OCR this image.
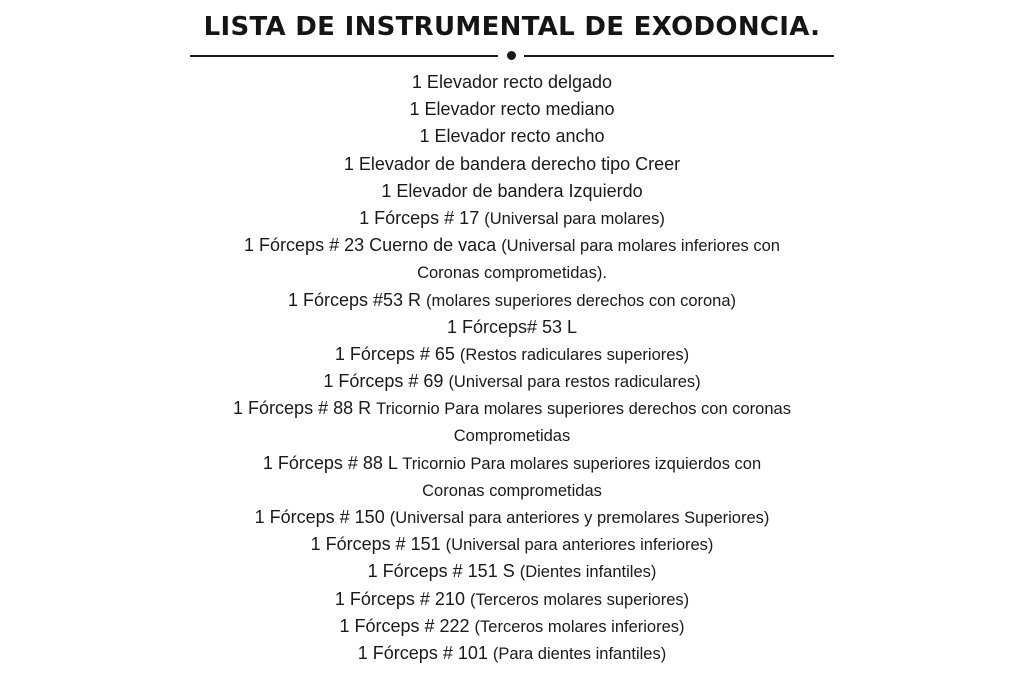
LISTA DE INSTRUMENTAL DE EXODONCIA.
1 Elevador recto delgado
1 Elevador recto mediano
1 Elevador recto ancho
1 Elevador de bandera derecho tipo Creer
1 Elevador de bandera Izquierdo
1 Fórceps # 17 (Universal para molares)
1 Fórceps # 23 Cuerno de vaca (Universal para molares inferiores con
Coronas comprometidas).
1 Fórceps #53 R (molares superiores derechos con corona)
1 Fórceps# 53 L
1 Fórceps # 65 (Restos radiculares superiores)
1 Fórceps # 69 (Universal para restos radiculares)
1 Fórceps # 88 R Tricornio Para molares superiores derechos con coronas
Comprometidas
1 Fórceps # 88 L Tricornio Para molares superiores izquierdos con
Coronas comprometidas
1 Fórceps # 150 (Universal para anteriores y premolares Superiores)
1 Fórceps # 151 (Universal para anteriores inferiores)
1 Fórceps # 151 S (Dientes infantiles)
1 Fórceps # 210 (Terceros molares superiores)
1 Fórceps # 222 (Terceros molares inferiores)
1 Fórceps # 101 (Para dientes infantiles)
